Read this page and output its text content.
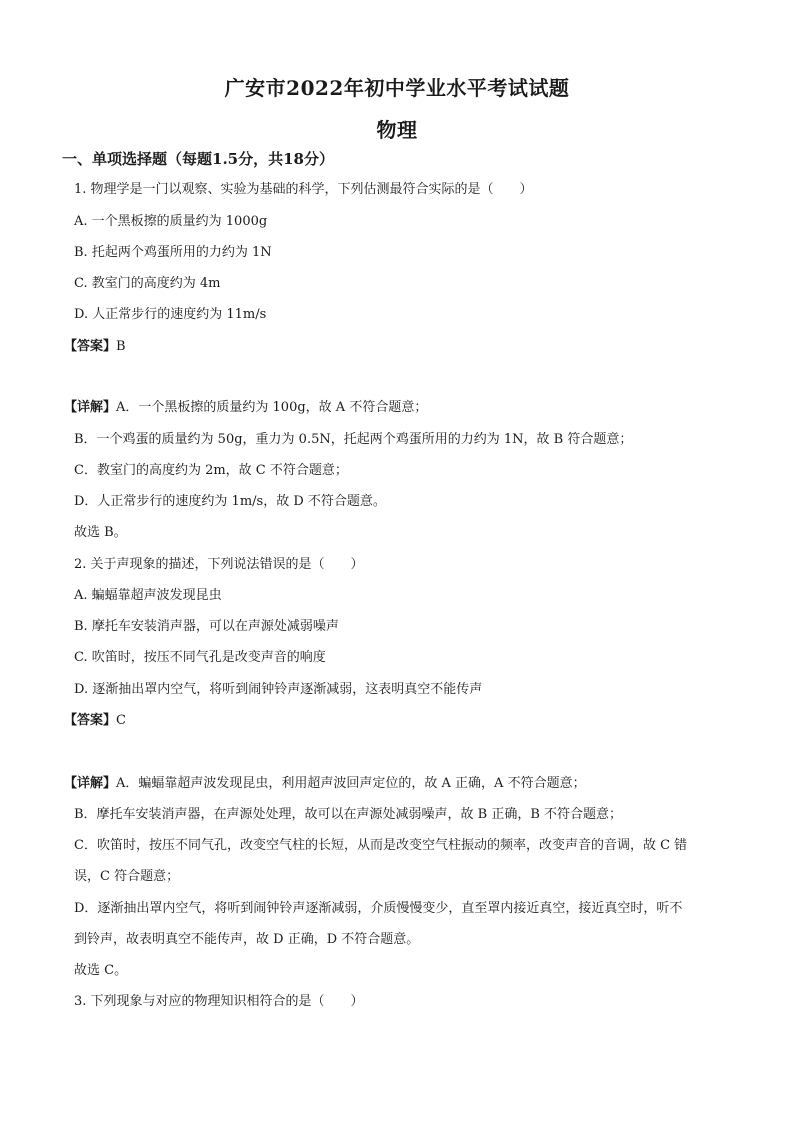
广安市2022年初中学业水平考试试题
物理
一、单项选择题（每题1.5分，共18分）
1. 物理学是一门以观察、实验为基础的科学，下列估测最符合实际的是（　　）
A. 一个黑板擦的质量约为 1000g
B. 托起两个鸡蛋所用的力约为 1N
C. 教室门的高度约为 4m
D. 人正常步行的速度约为 11m/s
【答案】B
【详解】A．一个黑板擦的质量约为 100g，故 A 不符合题意；
B．一个鸡蛋的质量约为 50g，重力为 0.5N，托起两个鸡蛋所用的力约为 1N，故 B 符合题意；
C．教室门的高度约为 2m，故 C 不符合题意；
D．人正常步行的速度约为 1m/s，故 D 不符合题意。
故选 B。
2. 关于声现象的描述，下列说法错误的是（　　）
A. 蝙蝠靠超声波发现昆虫
B. 摩托车安装消声器，可以在声源处减弱噪声
C. 吹笛时，按压不同气孔是改变声音的响度
D. 逐渐抽出罩内空气，将听到闹钟铃声逐渐减弱，这表明真空不能传声
【答案】C
【详解】A．蝙蝠靠超声波发现昆虫，利用超声波回声定位的，故 A 正确，A 不符合题意；
B．摩托车安装消声器，在声源处处理，故可以在声源处减弱噪声，故 B 正确，B 不符合题意；
C．吹笛时，按压不同气孔，改变空气柱的长短，从而是改变空气柱振动的频率，改变声音的音调，故 C 错
误，C 符合题意；
D．逐渐抽出罩内空气，将听到闹钟铃声逐渐减弱，介质慢慢变少，直至罩内接近真空，接近真空时，听不
到铃声，故表明真空不能传声，故 D 正确，D 不符合题意。
故选 C。
3. 下列现象与对应的物理知识相符合的是（　　）
